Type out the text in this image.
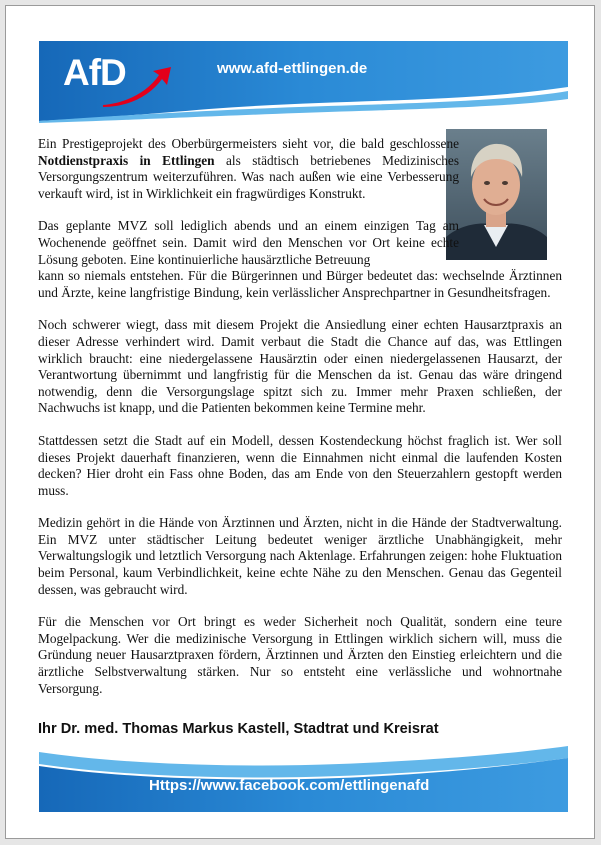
AfD	www.afd-ettlingen.de

Ein Prestigeprojekt des Oberbürgermeisters sieht vor, die bald geschlossene Notdienstpraxis in Ettlingen als städtisch betriebenes Medizinisches Versorgungszentrum weiterzuführen. Was nach außen wie eine Verbesserung verkauft wird, ist in Wirklichkeit ein fragwürdiges Konstrukt.

Das geplante MVZ soll lediglich abends und an einem einzigen Tag am Wochenende geöffnet sein. Damit wird den Menschen vor Ort keine echte Lösung geboten. Eine kontinuierliche hausärztliche Betreuung

kann so niemals entstehen. Für die Bürgerinnen und Bürger bedeutet das: wechselnde Ärztinnen und Ärzte, keine langfristige Bindung, kein verlässlicher Ansprechpartner in Gesundheitsfragen.

Noch schwerer wiegt, dass mit diesem Projekt die Ansiedlung einer echten Hausarztpraxis an dieser Adresse verhindert wird. Damit verbaut die Stadt die Chance auf das, was Ettlingen wirklich braucht: eine niedergelassene Hausärztin oder einen niedergelassenen Hausarzt, der Verantwortung übernimmt und langfristig für die Menschen da ist. Genau das wäre dringend notwendig, denn die Versorgungslage spitzt sich zu. Immer mehr Praxen schließen, der Nachwuchs ist knapp, und die Patienten bekommen keine Termine mehr.

Stattdessen setzt die Stadt auf ein Modell, dessen Kostendeckung höchst fraglich ist. Wer soll dieses Projekt dauerhaft finanzieren, wenn die Einnahmen nicht einmal die laufenden Kosten decken? Hier droht ein Fass ohne Boden, das am Ende von den Steuerzahlern gestopft werden muss.

Medizin gehört in die Hände von Ärztinnen und Ärzten, nicht in die Hände der Stadtverwaltung. Ein MVZ unter städtischer Leitung bedeutet weniger ärztliche Unabhängigkeit, mehr Verwaltungslogik und letztlich Versorgung nach Aktenlage. Erfahrungen zeigen: hohe Fluktuation beim Personal, kaum Verbindlichkeit, keine echte Nähe zu den Menschen. Genau das Gegenteil dessen, was gebraucht wird.

Für die Menschen vor Ort bringt es weder Sicherheit noch Qualität, sondern eine teure Mogelpackung. Wer die medizinische Versorgung in Ettlingen wirklich sichern will, muss die Gründung neuer Hausarztpraxen fördern, Ärztinnen und Ärzten den Einstieg erleichtern und die ärztliche Selbstverwaltung stärken. Nur so entsteht eine verlässliche und wohnortnahe Versorgung.

Ihr Dr. med. Thomas Markus Kastell, Stadtrat und Kreisrat
Https://www.facebook.com/ettlingenafd
